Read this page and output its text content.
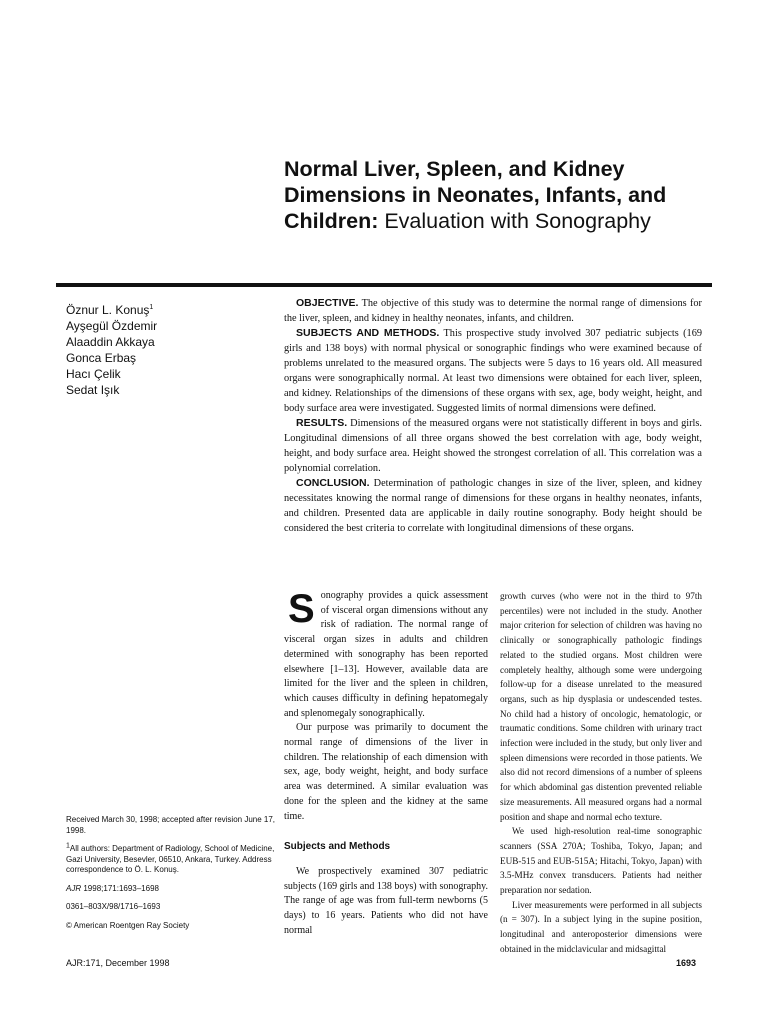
Normal Liver, Spleen, and Kidney Dimensions in Neonates, Infants, and Children: Evaluation with Sonography
Öznur L. Konuş$^1$
Ayşegül Özdemir
Alaaddin Akkaya
Gonca Erbaş
Hacı Çelik
Sedat Işık

OBJECTIVE. The objective of this study was to determine the normal range of dimensions for the liver, spleen, and kidney in healthy neonates, infants, and children.

SUBJECTS AND METHODS. This prospective study involved 307 pediatric subjects (169 girls and 138 boys) with normal physical or sonographic findings who were examined because of problems unrelated to the measured organs. The subjects were 5 days to 16 years old. All measured organs were sonographically normal. At least two dimensions were obtained for each liver, spleen, and kidney. Relationships of the dimensions of these organs with sex, age, body weight, height, and body surface area were investigated. Suggested limits of normal dimensions were defined.

RESULTS. Dimensions of the measured organs were not statistically different in boys and girls. Longitudinal dimensions of all three organs showed the best correlation with age, body weight, height, and body surface area. Height showed the strongest correlation of all. This correlation was a polynomial correlation.

CONCLUSION. Determination of pathologic changes in size of the liver, spleen, and kidney necessitates knowing the normal range of dimensions for these organs in healthy neonates, infants, and children. Presented data are applicable in daily routine sonography. Body height should be considered the best criteria to correlate with longitudinal dimensions of these organs.

Sonography provides a quick assessment of visceral organ dimensions without any risk of radiation. The normal range of visceral organ sizes in adults and children determined with sonography has been reported elsewhere [1–13]. However, available data are limited for the liver and the spleen in children, which causes difficulty in defining hepatomegaly and splenomegaly sonographically.

Our purpose was primarily to document the normal range of dimensions of the liver in children. The relationship of each dimension with sex, age, body weight, height, and body surface area was determined. A similar evaluation was done for the spleen and the kidney at the same time.

Subjects and Methods

We prospectively examined 307 pediatric subjects (169 girls and 138 boys) with sonography. The range of age was from full-term newborns (5 days) to 16 years. Patients who did not have normal

growth curves (who were not in the third to 97th percentiles) were not included in the study. Another major criterion for selection of children was having no clinically or sonographically pathologic findings related to the studied organs. Most children were completely healthy, although some were undergoing follow-up for a disease unrelated to the measured organs, such as hip dysplasia or undescended testes. No child had a history of oncologic, hematologic, or traumatic conditions. Some children with urinary tract infection were included in the study, but only liver and spleen dimensions were recorded in those patients. We also did not record dimensions of a number of spleens for which abdominal gas distention prevented reliable size measurements. All measured organs had a normal position and shape and normal echo texture.

We used high-resolution real-time sonographic scanners (SSA 270A; Toshiba, Tokyo, Japan; and EUB-515 and EUB-515A; Hitachi, Tokyo, Japan) with 3.5-MHz convex transducers. Patients had neither preparation nor sedation.

Liver measurements were performed in all subjects (n = 307). In a subject lying in the supine position, longitudinal and anteroposterior dimensions were obtained in the midclavicular and midsagittal

Received March 30, 1998; accepted after revision June 17, 1998.

$^1$All authors: Department of Radiology, School of Medicine, Gazi University, Besevler, 06510, Ankara, Turkey. Address correspondence to Ö. L. Konuş.

AJR 1998;171:1693–1698

0361–803X/98/1716–1693

© American Roentgen Ray Society

AJR:171, December 1998	1693
